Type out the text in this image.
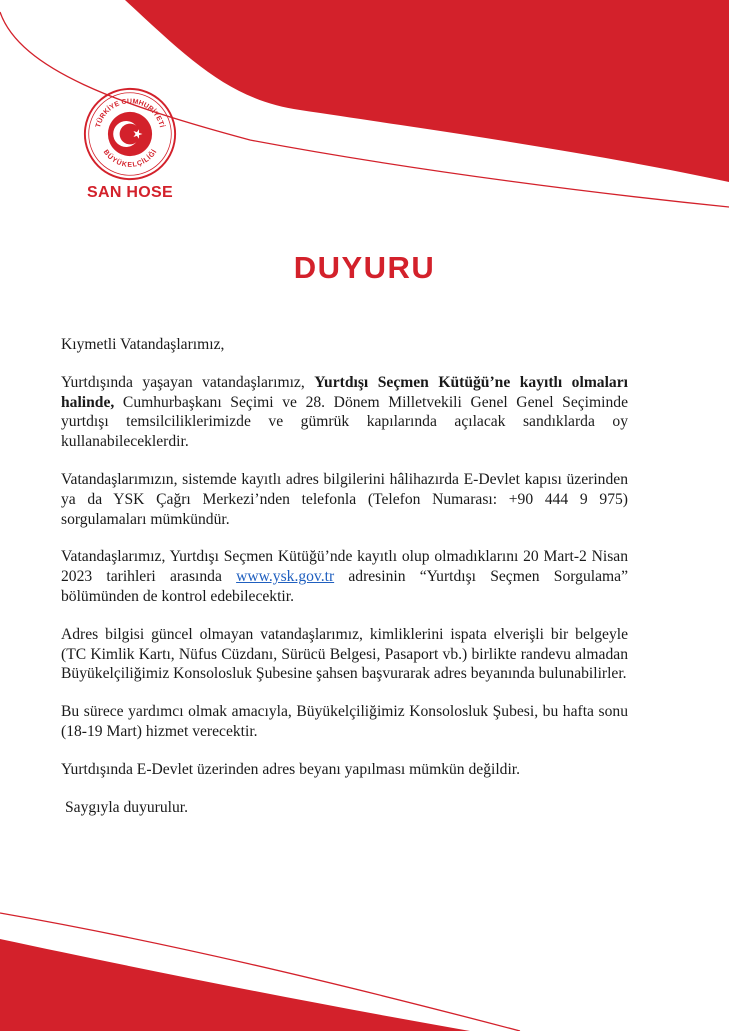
TÜRKİYE CUMHURİYETİ
BÜYÜKELÇİLİĞİ
SAN HOSE
DUYURU

Kıymetli Vatandaşlarımız,

Yurtdışında yaşayan vatandaşlarımız, Yurtdışı Seçmen Kütüğü’ne kayıtlı olmaları halinde, Cumhurbaşkanı Seçimi ve 28. Dönem Milletvekili Genel Genel Seçiminde yurtdışı temsilciliklerimizde ve gümrük kapılarında açılacak sandıklarda oy kullanabileceklerdir.

Vatandaşlarımızın, sistemde kayıtlı adres bilgilerini hâlihazırda E-Devlet kapısı üzerinden ya da YSK Çağrı Merkezi’nden telefonla (Telefon Numarası: +90 444 9 975) sorgulamaları mümkündür.

Vatandaşlarımız, Yurtdışı Seçmen Kütüğü’nde kayıtlı olup olmadıklarını 20 Mart-2 Nisan 2023 tarihleri arasında www.ysk.gov.tr adresinin “Yurtdışı Seçmen Sorgulama” bölümünden de kontrol edebilecektir.

Adres bilgisi güncel olmayan vatandaşlarımız, kimliklerini ispata elverişli bir belgeyle (TC Kimlik Kartı, Nüfus Cüzdanı, Sürücü Belgesi, Pasaport vb.) birlikte randevu almadan Büyükelçiliğimiz Konsolosluk Şubesine şahsen başvurarak adres beyanında bulunabilirler.

Bu sürece yardımcı olmak amacıyla, Büyükelçiliğimiz Konsolosluk Şubesi, bu hafta sonu (18-19 Mart) hizmet verecektir.

Yurtdışında E-Devlet üzerinden adres beyanı yapılması mümkün değildir.

Saygıyla duyurulur.
